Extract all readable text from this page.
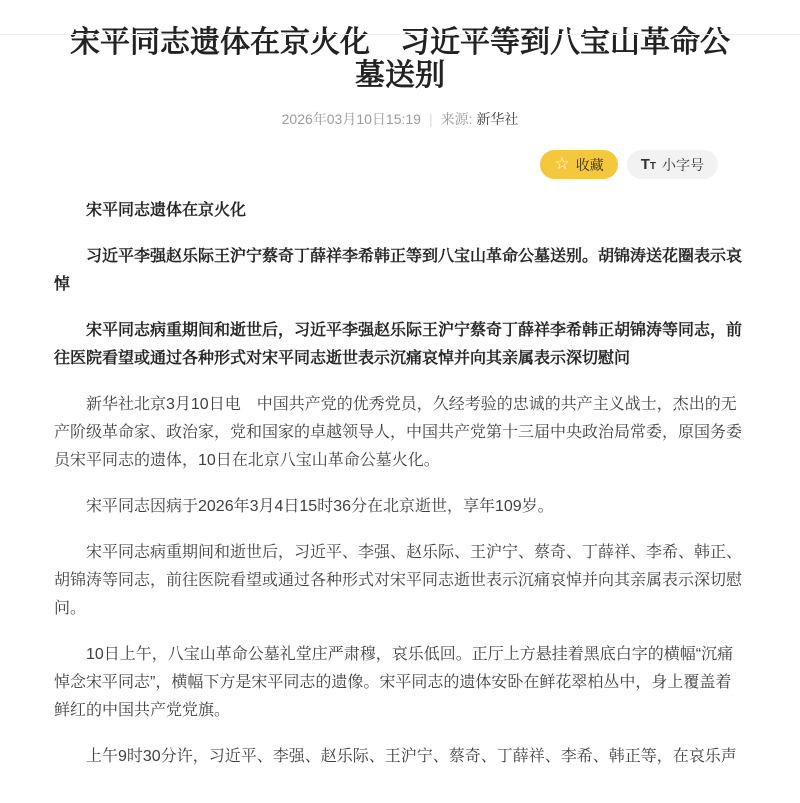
宋平同志遗体在京火化　习近平等到八宝山革命公墓送别
2026年03月10日15:19 | 来源: 新华社
☆ 收藏 T T 小字号

宋平同志遗体在京火化

习近平李强赵乐际王沪宁蔡奇丁薛祥李希韩正等到八宝山革命公墓送别。胡锦涛送花圈表示哀悼

宋平同志病重期间和逝世后，习近平李强赵乐际王沪宁蔡奇丁薛祥李希韩正胡锦涛等同志，前往医院看望或通过各种形式对宋平同志逝世表示沉痛哀悼并向其亲属表示深切慰问

新华社北京3月10日电　中国共产党的优秀党员，久经考验的忠诚的共产主义战士，杰出的无产阶级革命家、政治家，党和国家的卓越领导人，中国共产党第十三届中央政治局常委，原国务委员宋平同志的遗体，10日在北京八宝山革命公墓火化。

宋平同志因病于2026年3月4日15时36分在北京逝世，享年109岁。

宋平同志病重期间和逝世后，习近平、李强、赵乐际、王沪宁、蔡奇、丁薛祥、李希、韩正、胡锦涛等同志，前往医院看望或通过各种形式对宋平同志逝世表示沉痛哀悼并向其亲属表示深切慰问。

10日上午，八宝山革命公墓礼堂庄严肃穆，哀乐低回。正厅上方悬挂着黑底白字的横幅“沉痛悼念宋平同志”，横幅下方是宋平同志的遗像。宋平同志的遗体安卧在鲜花翠柏丛中，身上覆盖着鲜红的中国共产党党旗。

上午9时30分许，习近平、李强、赵乐际、王沪宁、蔡奇、丁薛祥、李希、韩正等，在哀乐声
